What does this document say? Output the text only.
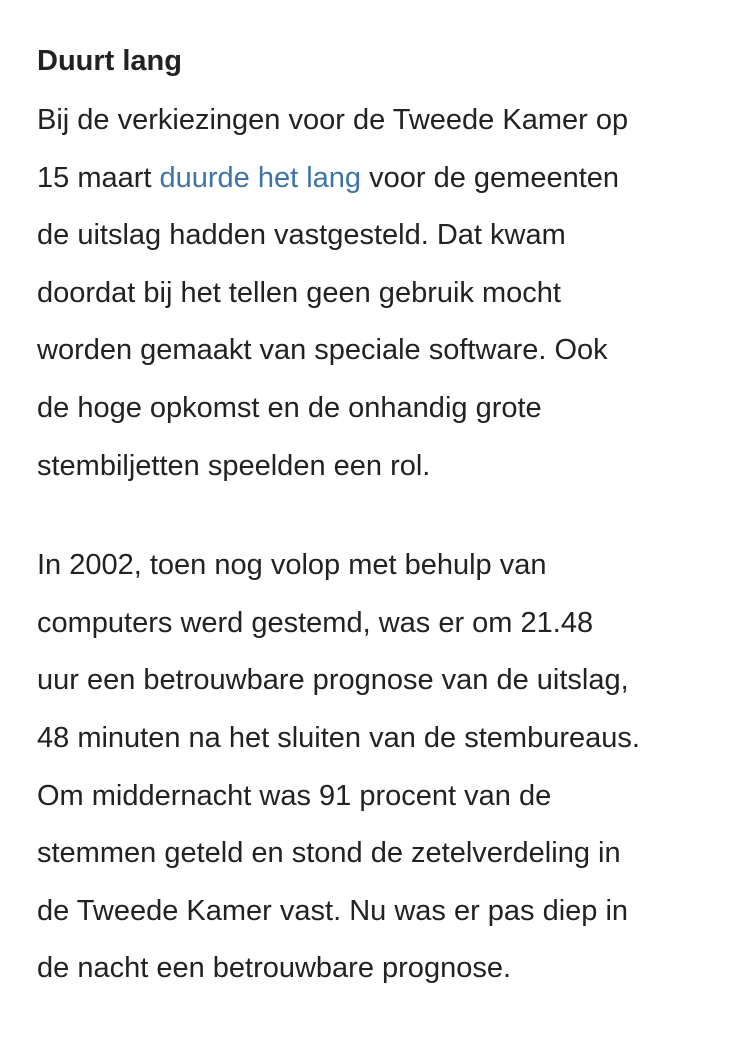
Duurt lang

Bij de verkiezingen voor de Tweede Kamer op
15 maart duurde het lang voor de gemeenten
de uitslag hadden vastgesteld. Dat kwam
doordat bij het tellen geen gebruik mocht
worden gemaakt van speciale software. Ook
de hoge opkomst en de onhandig grote
stembiljetten speelden een rol.

In 2002, toen nog volop met behulp van
computers werd gestemd, was er om 21.48
uur een betrouwbare prognose van de uitslag,
48 minuten na het sluiten van de stembureaus.
Om middernacht was 91 procent van de
stemmen geteld en stond de zetelverdeling in
de Tweede Kamer vast. Nu was er pas diep in
de nacht een betrouwbare prognose.
